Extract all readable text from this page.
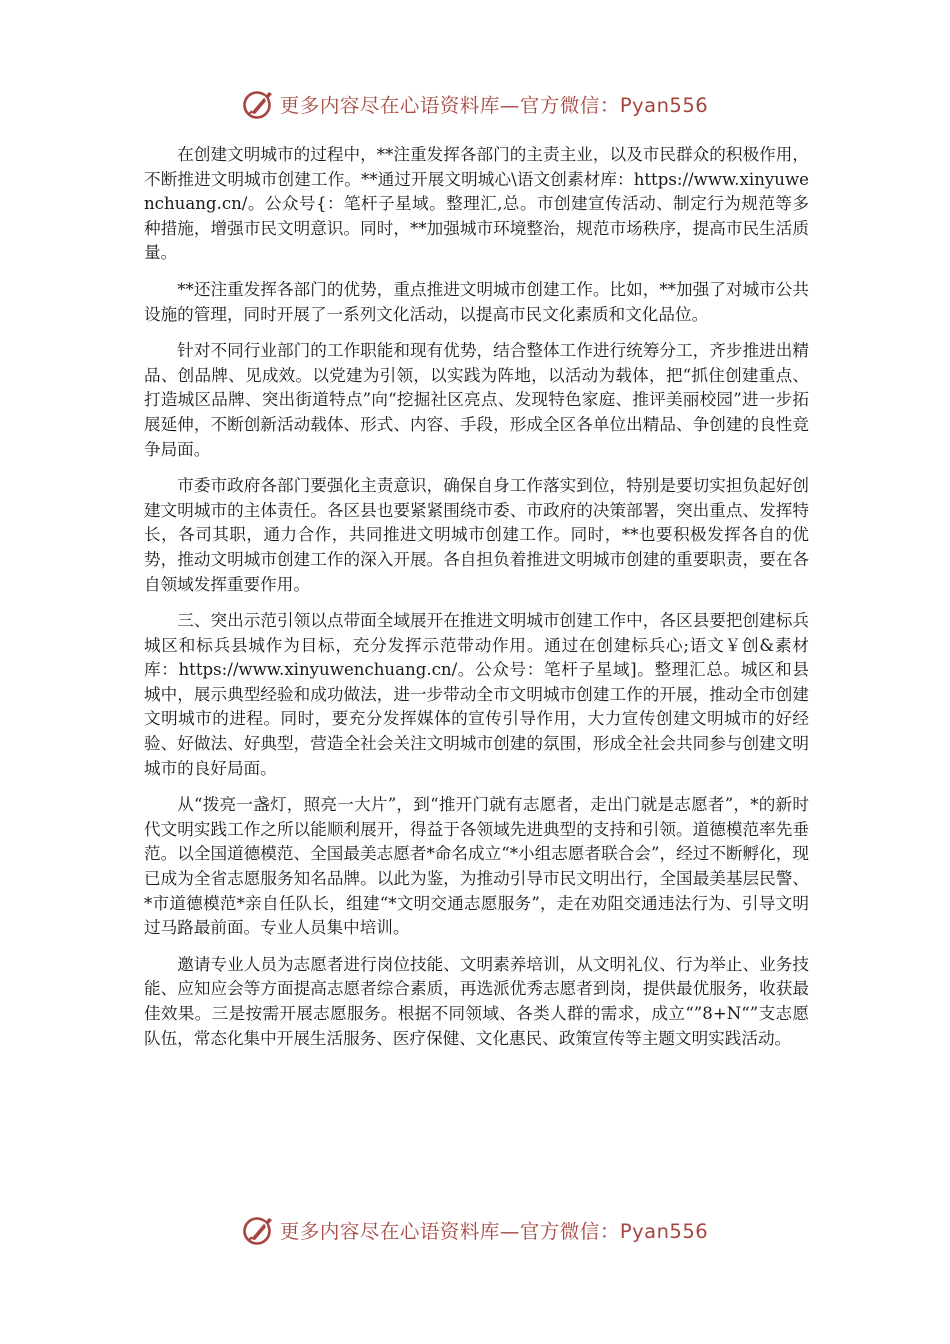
更多内容尽在心语资料库—官方微信：Pyan556

在创建文明城市的过程中，**注重发挥各部门的主责主业，以及市民群众的积极作用，不断推进文明城市创建工作。**通过开展文明城心\语文创素材库：https://www.xinyuwenchuang.cn/。公众号{：笔杆子星域。整理汇,总。市创建宣传活动、制定行为规范等多种措施，增强市民文明意识。同时，**加强城市环境整治，规范市场秩序，提高市民生活质量。

**还注重发挥各部门的优势，重点推进文明城市创建工作。比如，**加强了对城市公共设施的管理，同时开展了一系列文化活动，以提高市民文化素质和文化品位。

针对不同行业部门的工作职能和现有优势，结合整体工作进行统筹分工，齐步推进出精品、创品牌、见成效。以党建为引领，以实践为阵地，以活动为载体，把“抓住创建重点、打造城区品牌、突出街道特点”向“挖掘社区亮点、发现特色家庭、推评美丽校园”进一步拓展延伸，不断创新活动载体、形式、内容、手段，形成全区各单位出精品、争创建的良性竞争局面。

市委市政府各部门要强化主责意识，确保自身工作落实到位，特别是要切实担负起好创建文明城市的主体责任。各区县也要紧紧围绕市委、市政府的决策部署，突出重点、发挥特长，各司其职，通力合作，共同推进文明城市创建工作。同时，**也要积极发挥各自的优势，推动文明城市创建工作的深入开展。各自担负着推进文明城市创建的重要职责，要在各自领域发挥重要作用。

三、突出示范引领以点带面全域展开在推进文明城市创建工作中，各区县要把创建标兵城区和标兵县城作为目标，充分发挥示范带动作用。通过在创建标兵心;语文￥创&素材库：https://www.xinyuwenchuang.cn/。公众号：笔杆子星域]。整理汇总。城区和县城中，展示典型经验和成功做法，进一步带动全市文明城市创建工作的开展，推动全市创建文明城市的进程。同时，要充分发挥媒体的宣传引导作用，大力宣传创建文明城市的好经验、好做法、好典型，营造全社会关注文明城市创建的氛围，形成全社会共同参与创建文明城市的良好局面。

从“拨亮一盏灯，照亮一大片”，到“推开门就有志愿者，走出门就是志愿者”，*的新时代文明实践工作之所以能顺利展开，得益于各领域先进典型的支持和引领。道德模范率先垂范。以全国道德模范、全国最美志愿者*命名成立“*小组志愿者联合会”，经过不断孵化，现已成为全省志愿服务知名品牌。以此为鉴，为推动引导市民文明出行，全国最美基层民警、*市道德模范*亲自任队长，组建“*文明交通志愿服务”，走在劝阻交通违法行为、引导文明过马路最前面。专业人员集中培训。

邀请专业人员为志愿者进行岗位技能、文明素养培训，从文明礼仪、行为举止、业务技能、应知应会等方面提高志愿者综合素质，再选派优秀志愿者到岗，提供最优服务，收获最佳效果。三是按需开展志愿服务。根据不同领域、各类人群的需求，成立“”8+N“”支志愿队伍，常态化集中开展生活服务、医疗保健、文化惠民、政策宣传等主题文明实践活动。

更多内容尽在心语资料库—官方微信：Pyan556
